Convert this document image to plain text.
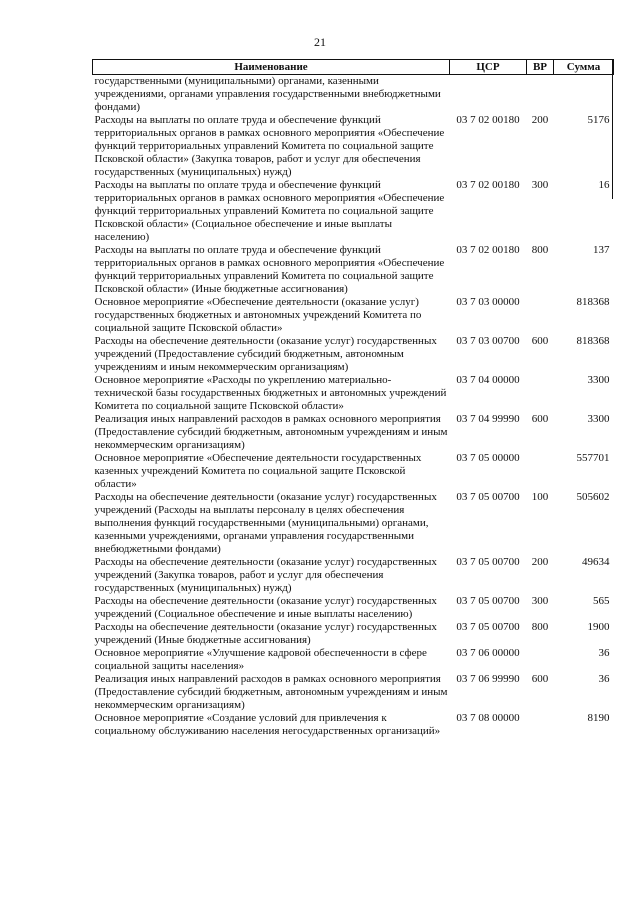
21
Наименование	ЦСР	ВР	Сумма
государственными (муниципальными) органами, казенными учреждениями, органами управления государственными внебюджетными фондами)			
Расходы на выплаты по оплате труда и обеспечение функций территориальных органов в рамках основного мероприятия «Обеспечение функций территориальных управлений Комитета по социальной защите Псковской области» (Закупка товаров, работ и услуг для обеспечения государственных (муниципальных) нужд)	03 7 02 00180	200	5176
Расходы на выплаты по оплате труда и обеспечение функций территориальных органов в рамках основного мероприятия «Обеспечение функций территориальных управлений Комитета по социальной защите Псковской области» (Социальное обеспечение и иные выплаты населению)	03 7 02 00180	300	16
Расходы на выплаты по оплате труда и обеспечение функций территориальных органов в рамках основного мероприятия «Обеспечение функций территориальных управлений Комитета по социальной защите Псковской области» (Иные бюджетные ассигнования)	03 7 02 00180	800	137
Основное мероприятие «Обеспечение деятельности (оказание услуг) государственных бюджетных и автономных учреждений Комитета по социальной защите Псковской области»	03 7 03 00000		818368
Расходы на обеспечение деятельности (оказание услуг) государственных учреждений (Предоставление субсидий бюджетным, автономным учреждениям и иным некоммерческим организациям)	03 7 03 00700	600	818368
Основное мероприятие «Расходы по укреплению материально-технической базы государственных бюджетных и автономных учреждений Комитета по социальной защите Псковской области»	03 7 04 00000		3300
Реализация иных направлений расходов в рамках основного мероприятия (Предоставление субсидий бюджетным, автономным учреждениям и иным некоммерческим организациям)	03 7 04 99990	600	3300
Основное мероприятие «Обеспечение деятельности государственных казенных учреждений Комитета по социальной защите Псковской области»	03 7 05 00000		557701
Расходы на обеспечение деятельности (оказание услуг) государственных учреждений (Расходы на выплаты персоналу в целях обеспечения выполнения функций государственными (муниципальными) органами, казенными учреждениями, органами управления государственными внебюджетными фондами)	03 7 05 00700	100	505602
Расходы на обеспечение деятельности (оказание услуг) государственных учреждений (Закупка товаров, работ и услуг для обеспечения государственных (муниципальных) нужд)	03 7 05 00700	200	49634
Расходы на обеспечение деятельности (оказание услуг) государственных учреждений (Социальное обеспечение и иные выплаты населению)	03 7 05 00700	300	565
Расходы на обеспечение деятельности (оказание услуг) государственных учреждений (Иные бюджетные ассигнования)	03 7 05 00700	800	1900
Основное мероприятие «Улучшение кадровой обеспеченности в сфере социальной защиты населения»	03 7 06 00000		36
Реализация иных направлений расходов в рамках основного мероприятия (Предоставление субсидий бюджетным, автономным учреждениям и иным некоммерческим организациям)	03 7 06 99990	600	36
Основное мероприятие «Создание условий для привлечения к социальному обслуживанию населения негосударственных организаций»	03 7 08 00000		8190
